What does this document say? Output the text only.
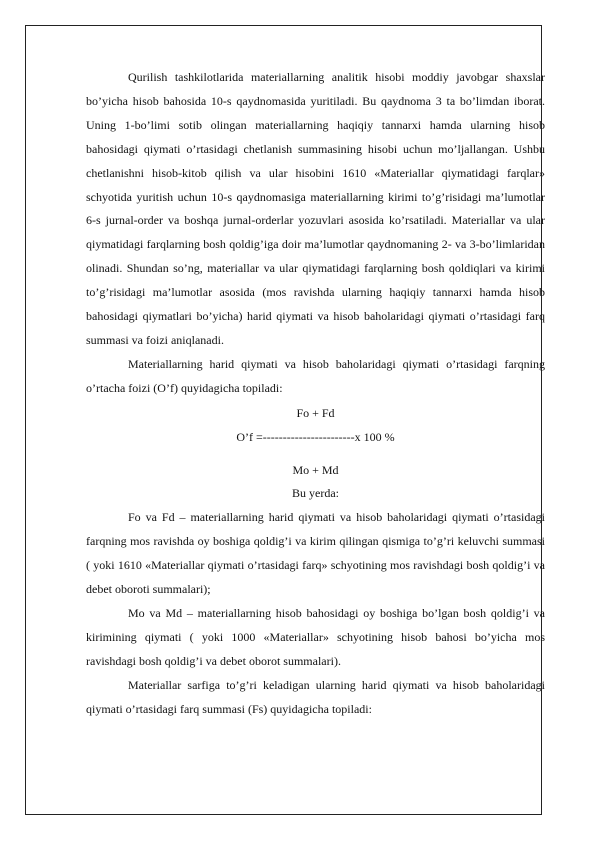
Qurilish tashkilotlarida materiallarning analitik hisobi moddiy javobgar shaxslar bo’yicha hisob bahosida 10-s qaydnomasida yuritiladi. Bu qaydnoma 3 ta bo’limdan iborat. Uning 1-bo’limi sotib olingan materiallarning haqiqiy tannarxi hamda ularning hisob bahosidagi qiymati o’rtasidagi chetlanish summasining hisobi uchun mo’ljallangan. Ushbu chetlanishni hisob-kitob qilish va ular hisobini 1610 «Materiallar qiymatidagi farqlar» schyotida yuritish uchun 10-s qaydnomasiga materiallarning kirimi to’g’risidagi ma’lumotlar 6-s jurnal-order va boshqa jurnal-orderlar yozuvlari asosida ko’rsatiladi. Materiallar va ular qiymatidagi farqlarning bosh qoldig’iga doir ma’lumotlar qaydnomaning 2- va 3-bo’limlaridan olinadi. Shundan so’ng, materiallar va ular qiymatidagi farqlarning bosh qoldiqlari va kirimi to’g’risidagi ma’lumotlar asosida (mos ravishda ularning haqiqiy tannarxi hamda hisob bahosidagi qiymatlari bo’yicha) harid qiymati va hisob baholaridagi qiymati o’rtasidagi farq summasi va foizi aniqlanadi.

Materiallarning harid qiymati va hisob baholaridagi qiymati o’rtasidagi farqning o’rtacha foizi (O’f) quyidagicha topiladi:

Fo + Fd

O’f =-----------------------x 100 %

Mo + Md

Bu yerda:

Fo va Fd – materiallarning harid qiymati va hisob baholaridagi qiymati o’rtasidagi farqning mos ravishda oy boshiga qoldig’i va kirim qilingan qismiga to’g’ri keluvchi summasi ( yoki 1610 «Materiallar qiymati o’rtasidagi farq» schyotining mos ravishdagi bosh qoldig’i va debet oboroti summalari);

Mo va Md – materiallarning hisob bahosidagi oy boshiga bo’lgan bosh qoldig’i va kirimining qiymati ( yoki 1000 «Materiallar» schyotining hisob bahosi bo’yicha mos ravishdagi bosh qoldig’i va debet oborot summalari).

Materiallar sarfiga to’g’ri keladigan ularning harid qiymati va hisob baholaridagi qiymati o’rtasidagi farq summasi (Fs) quyidagicha topiladi:
